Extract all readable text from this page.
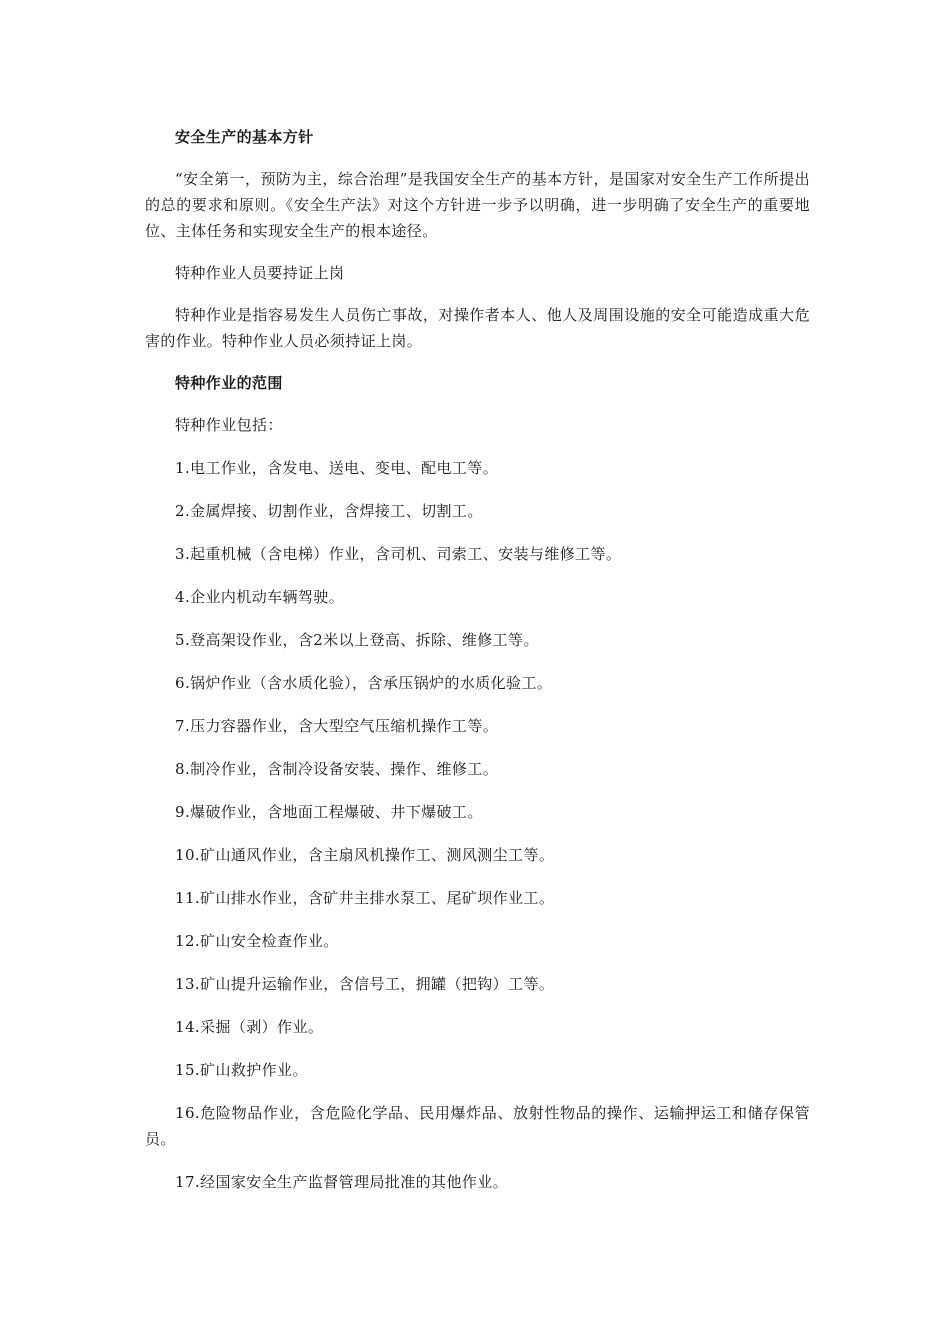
安全生产的基本方针

“安全第一，预防为主，综合治理”是我国安全生产的基本方针，是国家对安全生产工作所提出的总的要求和原则。《安全生产法》对这个方针进一步予以明确，进一步明确了安全生产的重要地位、主体任务和实现安全生产的根本途径。

特种作业人员要持证上岗

特种作业是指容易发生人员伤亡事故，对操作者本人、他人及周围设施的安全可能造成重大危害的作业。特种作业人员必须持证上岗。

特种作业的范围

特种作业包括：

1.电工作业，含发电、送电、变电、配电工等。

2.金属焊接、切割作业，含焊接工、切割工。

3.起重机械（含电梯）作业，含司机、司索工、安装与维修工等。

4.企业内机动车辆驾驶。

5.登高架设作业，含2米以上登高、拆除、维修工等。

6.锅炉作业（含水质化验），含承压锅炉的水质化验工。

7.压力容器作业，含大型空气压缩机操作工等。

8.制冷作业，含制冷设备安装、操作、维修工。

9.爆破作业，含地面工程爆破、井下爆破工。

10.矿山通风作业，含主扇风机操作工、测风测尘工等。

11.矿山排水作业，含矿井主排水泵工、尾矿坝作业工。

12.矿山安全检查作业。

13.矿山提升运输作业，含信号工，拥罐（把钩）工等。

14.采掘（剥）作业。

15.矿山救护作业。

16.危险物品作业，含危险化学品、民用爆炸品、放射性物品的操作、运输押运工和储存保管员。

17.经国家安全生产监督管理局批准的其他作业。
